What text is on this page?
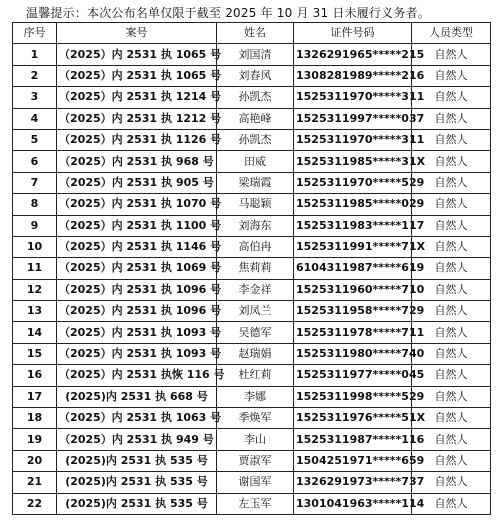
温馨提示：本次公布名单仅限于截至 2025 年 10 月 31 日未履行义务者。
序号	案号	姓名	证件号码	人员类型
1	（2025）内 2531 执 1065 号	刘国清	1326291965*****215	自然人
2	（2025）内 2531 执 1065 号	刘春风	1308281989*****216	自然人
3	（2025）内 2531 执 1214 号	孙凯杰	1525311970*****311	自然人
4	（2025）内 2531 执 1212 号	高艳峰	1525311997*****037	自然人
5	（2025）内 2531 执 1126 号	孙凯杰	1525311970*****311	自然人
6	（2025）内 2531 执 968 号	田威	1525311985*****31X	自然人
7	（2025）内 2531 执 905 号	梁瑞霞	1525311970*****529	自然人
8	（2025）内 2531 执 1070 号	马聪颖	1525311985*****029	自然人
9	（2025）内 2531 执 1100 号	刘海东	1525311983*****117	自然人
10	（2025）内 2531 执 1146 号	高伯冉	1525311991*****71X	自然人
11	（2025）内 2531 执 1069 号	焦莉莉	6104311987*****619	自然人
12	（2025）内 2531 执 1096 号	李金祥	1525311960*****710	自然人
13	（2025）内 2531 执 1096 号	刘凤兰	1525311958*****729	自然人
14	（2025）内 2531 执 1093 号	吴德军	1525311978*****711	自然人
15	（2025）内 2531 执 1093 号	赵瑞娟	1525311980*****740	自然人
16	（2025）内 2531 执恢 116 号	杜红莉	1525311977*****045	自然人
17	(2025)内 2531 执 668 号	李娜	1525311998*****529	自然人
18	（2025）内 2531 执 1063 号	季焕军	1525311976*****51X	自然人
19	（2025）内 2531 执 949 号	李山	1525311987*****116	自然人
20	(2025)内 2531 执 535 号	贾淑军	1504251971*****659	自然人
21	(2025)内 2531 执 535 号	谢国军	1326291973*****737	自然人
22	(2025)内 2531 执 535 号	左玉军	1301041963*****114	自然人
